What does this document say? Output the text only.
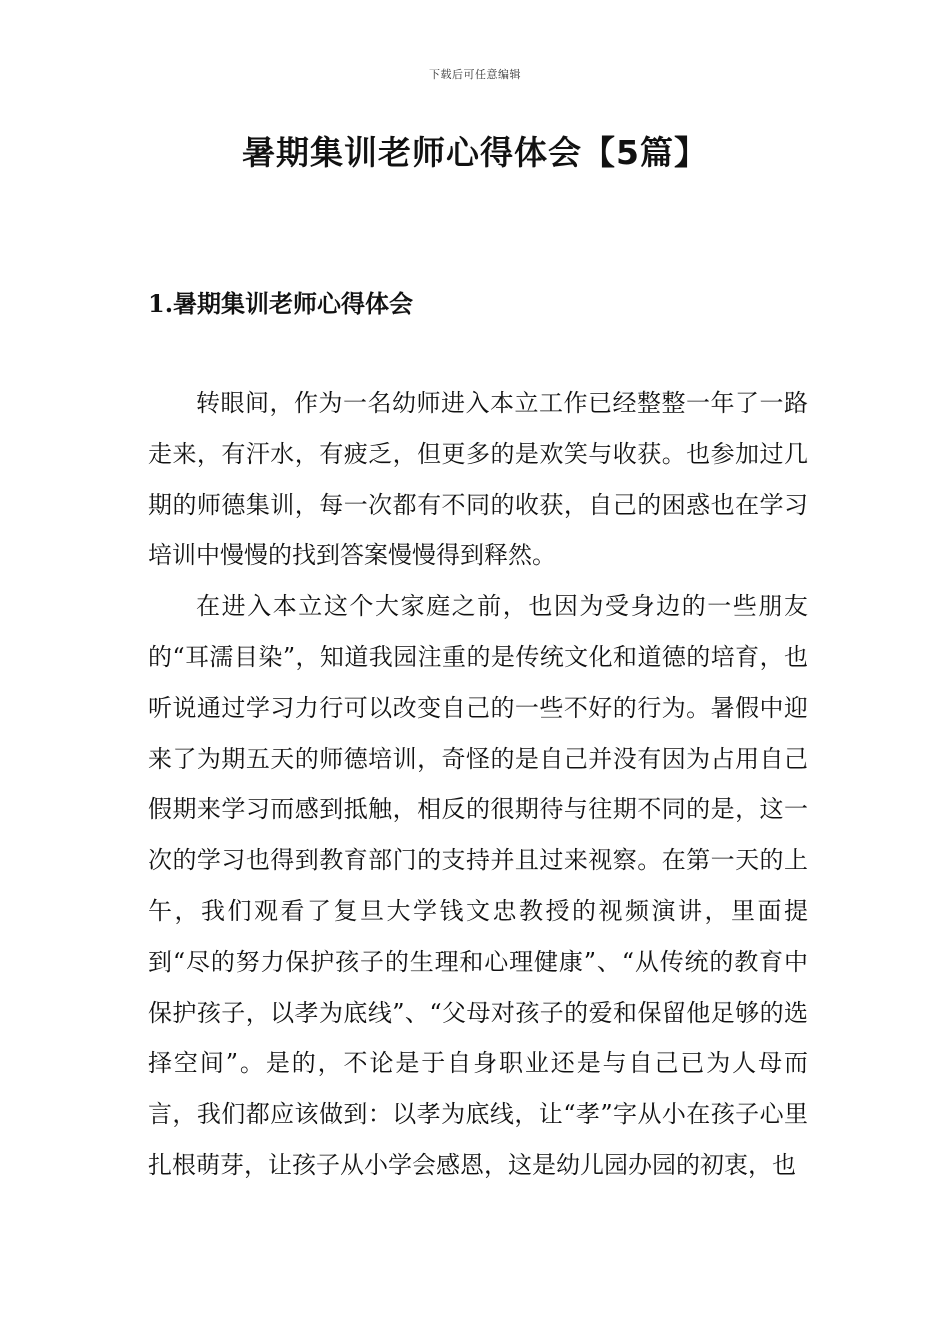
下载后可任意编辑
暑期集训老师心得体会【5篇】
1.暑期集训老师心得体会

转眼间，作为一名幼师进入本立工作已经整整一年了一路走来，有汗水，有疲乏，但更多的是欢笑与收获。也参加过几期的师德集训，每一次都有不同的收获，自己的困惑也在学习培训中慢慢的找到答案慢慢得到释然。

在进入本立这个大家庭之前，也因为受身边的一些朋友的“耳濡目染”，知道我园注重的是传统文化和道德的培育，也听说通过学习力行可以改变自己的一些不好的行为。暑假中迎来了为期五天的师德培训，奇怪的是自己并没有因为占用自己假期来学习而感到抵触，相反的很期待与往期不同的是，这一次的学习也得到教育部门的支持并且过来视察。在第一天的上午，我们观看了复旦大学钱文忠教授的视频演讲，里面提到“尽的努力保护孩子的生理和心理健康”、“从传统的教育中保护孩子，以孝为底线”、“父母对孩子的爱和保留他足够的选择空间”。是的，不论是于自身职业还是与自己已为人母而言，我们都应该做到：以孝为底线，让“孝”字从小在孩子心里扎根萌芽，让孩子从小学会感恩，这是幼儿园办园的初衷，也
